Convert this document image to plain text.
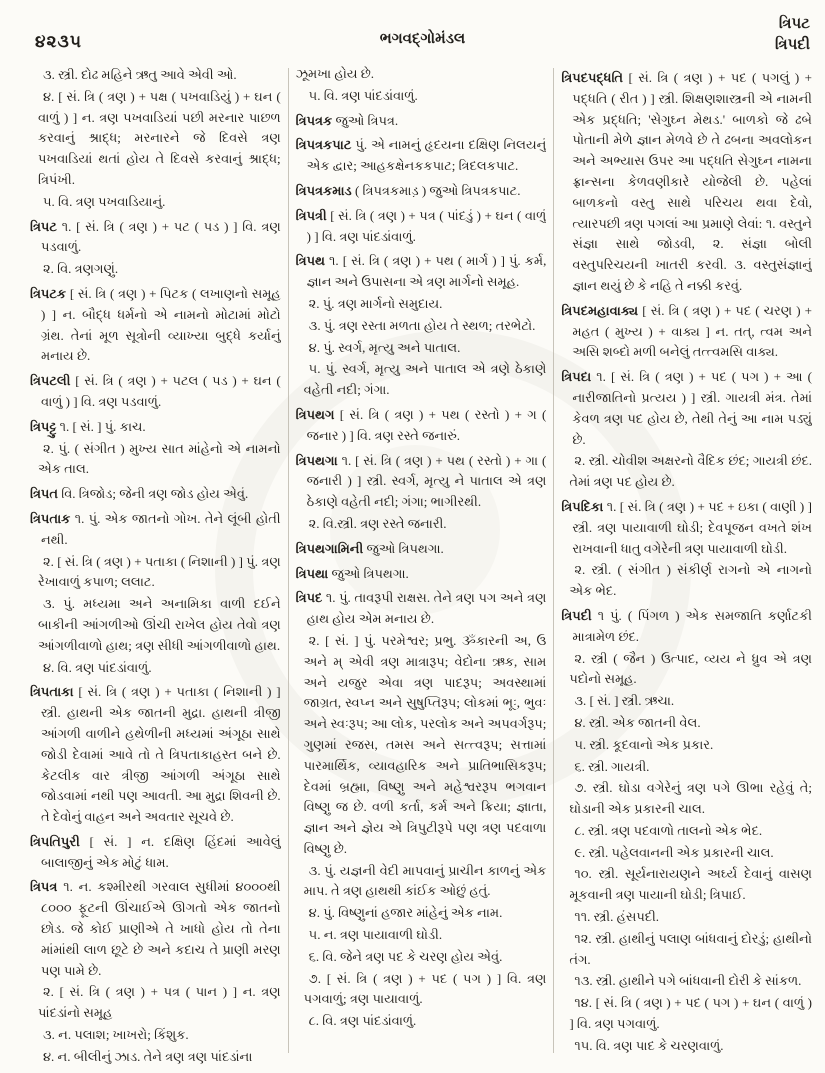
૪૨૩૫	ભગવદ્ગોમંડલ
ત્રિપટ
ત્રિપદી

૩. સ્ત્રી. દોઢ મહિને ઋતુ આવે એવી ઓ.

૪. [ સં. ત્રિ ( ત્રણ ) + પક્ષ ( પખવાડિયું ) + ઘન ( વાળું ) ] ન. ત્રણ પખવાડિયાં પછી મરનાર પાછળ કરવાનું શ્રાદ્ધ; મરનારને જે દિવસે ત્રણ પખવાડિયાં થતાં હોય તે દિવસે કરવાનું શ્રાદ્ધ; ત્રિપંખી.

૫. વિ. ત્રણ પખવાડિયાનું.

ત્રિપટ ૧. [ સં. ત્રિ ( ત્રણ ) + પટ ( પડ ) ] વિ. ત્રણ પડવાળું.

૨. વિ. ત્રણગણું.

ત્રિપટક [ સં. ત્રિ ( ત્રણ ) + પિટક ( લખાણનો સમૂહ ) ] ન. બૌદ્ધ ધર્મનો એ નામનો મોટામાં મોટો ગ્રંથ. તેનાં મૂળ સૂત્રોની વ્યાખ્યા બુદ્ધે કર્યાનું મનાય છે.

ત્રિપટલી [ સં. ત્રિ ( ત્રણ ) + પટલ ( પડ ) + ઘન ( વાળું ) ] વિ. ત્રણ પડવાળું.

ત્રિપટ્ટુ ૧. [ સં. ] પું. કાચ.

૨. પું. ( સંગીત ) મુખ્ય સાત માંહેનો એ નામનો એક તાલ.

ત્રિપત વિ. ત્રિજોડ; જેની ત્રણ જોડ હોય એવું.

ત્રિપતાક ૧. પું. એક જાતનો ગોખ. તેને લૂંબી હોતી નથી.

૨. [ સં. ત્રિ ( ત્રણ ) + પતાકા ( નિશાની ) ] પું. ત્રણ રેખાવાળું કપાળ; લલાટ.

૩. પું. મધ્યમા અને અનામિકા વાળી દઈને બાકીની આંગળીઓ ઊંચી રાખેલ હોય તેવો ત્રણ આંગળીવાળો હાથ; ત્રણ સીધી આંગળીવાળો હાથ.

૪. વિ. ત્રણ પાંદડાંવાળું.

ત્રિપતાકા [ સં. ત્રિ ( ત્રણ ) + પતાકા ( નિશાની ) ] સ્ત્રી. હાથની એક જાતની મુદ્રા. હાથની ત્રીજી આંગળી વાળીને હથેળીની મધ્યમાં અંગૂઠા સાથે જોડી દેવામાં આવે તો તે ત્રિપતાકાહસ્ત બને છે. કેટલીક વાર ત્રીજી આંગળી અંગૂઠા સાથે જોડવામાં નથી પણ આવતી. આ મુદ્રા શિવની છે. તે દેવોનું વાહન અને અવતાર સૂચવે છે.

ત્રિપતિપુરી [ સં. ] ન. દક્ષિણ હિંદમાં આવેલું બાલાજીનું એક મોટું ધામ.

ત્રિપત્ર ૧. ન. કશ્મીરથી ગરવાલ સુધીમાં ૪૦૦૦થી ૮૦૦૦ ફૂટની ઊંચાઈએ ઊગતો એક જાતનો છોડ. જે કોઈ પ્રાણીએ તે ખાધો હોય તો તેના માંમાંથી લાળ છૂટે છે અને કદાચ તે પ્રાણી મરણ પણ પામે છે.

૨. [ સં. ત્રિ ( ત્રણ ) + પત્ર ( પાન ) ] ન. ત્રણ પાંદડાંનો સમૂહ

૩. ન. પલાશ; ખાખરો; કિંશુક.

૪. ન. બીલીનું ઝાડ. તેને ત્રણ ત્રણ પાંદડાંના

ઝૂમખા હોય છે.

૫. વિ. ત્રણ પાંદડાંવાળું.

ત્રિપત્રક જુઓ ત્રિપત્ર.

ત્રિપત્રકપાટ પું. એ નામનું હૃદયના દક્ષિણ નિલયનું એક દ્વાર; આહકક્ષેનકકપાટ; ત્રિદલકપાટ.

ત્રિપત્રકમાડ ( ત્રિપત્રકમાડ઼ ) જુઓ ત્રિપત્રકપાટ.

ત્રિપત્રી [ સં. ત્રિ ( ત્રણ ) + પત્ર ( પાંદડું ) + ઘન ( વાળું ) ] વિ. ત્રણ પાંદડાંવાળું.

ત્રિપથ ૧. [ સં. ત્રિ ( ત્રણ ) + પથ ( માર્ગ ) ] પું. કર્મ, જ્ઞાન અને ઉપાસના એ ત્રણ માર્ગનો સમૂહ.

૨. પું. ત્રણ માર્ગનો સમુદાય.

૩. પું. ત્રણ રસ્તા મળતા હોય તે સ્થળ; તરભેટો.

૪. પું. સ્વર્ગ, મૃત્યુ અને પાતાલ.

૫. પું. સ્વર્ગ, મૃત્યુ અને પાતાલ એ ત્રણે ઠેકાણે વહેતી નદી; ગંગા.

ત્રિપથગ [ સં. ત્રિ ( ત્રણ ) + પથ ( રસ્તો ) + ગ ( જનાર ) ] વિ. ત્રણ રસ્તે જનારું.

ત્રિપથગા ૧. [ સં. ત્રિ ( ત્રણ ) + પથ ( રસ્તો ) + ગા ( જનારી ) ] સ્ત્રી. સ્વર્ગ, મૃત્યુ ને પાતાલ એ ત્રણ ઠેકાણે વહેતી નદી; ગંગા; ભાગીરથી.

૨. વિ.સ્ત્રી. ત્રણ રસ્તે જનારી.

ત્રિપથગામિની જુઓ ત્રિપથગા.

ત્રિપથા જુઓ ત્રિપથગા.

ત્રિપદ ૧. પું. તાવરૂપી રાક્ષસ. તેને ત્રણ પગ અને ત્રણ હાથ હોય એમ મનાય છે.

૨. [ સં. ] પું. પરમેશ્વર; પ્રભુ. ૐકારની અ, ઉ અને મ્ એવી ત્રણ માત્રારૂપ; વેદોના ઋક, સામ અને યજુર એવા ત્રણ પાદરૂપ; અવસ્થામાં જાગ્રત, સ્વપ્ન અને સુષુપ્તિરૂપ; લોકમાં ભૂઃ, ભુવઃ અને સ્વઃરૂપ; આ લોક, પરલોક અને અપવર્ગરૂપ; ગુણમાં રજસ, તમસ અને સત્ત્વરૂપ; સત્તામાં પારમાર્થિક, વ્યાવહારિક અને પ્રાતિભાસિકરૂપ; દેવમાં બ્રહ્મા, વિષ્ણુ અને મહેશ્વરરૂપ ભગવાન વિષ્ણુ જ છે. વળી કર્તા, કર્મ અને ક્રિયા; જ્ઞાતા, જ્ઞાન અને જ્ઞેય એ ત્રિપુટીરૂપે પણ ત્રણ પદવાળા વિષ્ણુ છે.

૩. પું. યજ્ઞની વેદી માપવાનું પ્રાચીન કાળનું એક માપ. તે ત્રણ હાથથી કાંઈક ઓછું હતું.

૪. પું. વિષ્ણુનાં હજાર માંહેનું એક નામ.

૫. ન. ત્રણ પાયાવાળી ઘોડી.

૬. વિ. જેને ત્રણ પદ કે ચરણ હોય એવું.

૭. [ સં. ત્રિ ( ત્રણ ) + પદ ( પગ ) ] વિ. ત્રણ પગવાળું; ત્રણ પાયાવાળું.

૮. વિ. ત્રણ પાંદડાંવાળું.

ત્રિપદપદ્ધતિ [ સં. ત્રિ ( ત્રણ ) + પદ ( પગલું ) + પદ્ધતિ ( રીત ) ] સ્ત્રી. શિક્ષણશાસ્ત્રની એ નામની એક પ્રદ્ધતિ; 'સેગુઘ્ન મેથડ.' બાળકો જે ઢબે પોતાની મેળે જ્ઞાન મેળવે છે તે ઢબના અવલોકન અને અભ્યાસ ઉપર આ પદ્ધતિ સેગુઘ્ન નામના ફ્રાન્સના કેળવણીકારે યોજેલી છે. પહેલાં બાળકનો વસ્તુ સાથે પરિચય થવા દેવો, ત્યારપછી ત્રણ પગલાં આ પ્રમાણે લેવાં: ૧. વસ્તુને સંજ્ઞા સાથે જોડવી, ૨. સંજ્ઞા બોલી વસ્તુપરિચયની ખાતરી કરવી. ૩. વસ્તુસંજ્ઞાનું જ્ઞાન થયું છે કે નહિ તે નક્કી કરવું.

ત્રિપદમહાવાક્ય [ સં. ત્રિ ( ત્રણ ) + પદ ( ચરણ ) + મહત ( મુખ્ય ) + વાક્ય ] ન. તત્, ત્વમ અને અસિ શબ્દો મળી બનેલું તત્ત્વમસિ વાક્ય.

ત્રિપદા ૧. [ સં. ત્રિ ( ત્રણ ) + પદ ( પગ ) + આ ( નારીજાતિનો પ્રત્યય ) ] સ્ત્રી. ગાયત્રી મંત્ર. તેમાં કેવળ ત્રણ પદ હોય છે, તેથી તેનું આ નામ પડ્યું છે.

૨. સ્ત્રી. ચોવીશ અક્ષરનો વૈદિક છંદ; ગાયત્રી છંદ. તેમાં ત્રણ પદ હોય છે.

ત્રિપદિકા ૧. [ સં. ત્રિ ( ત્રણ ) + પદ + ઇકા ( વાણી ) ] સ્ત્રી. ત્રણ પાયાવાળી ઘોડી; દેવપૂજન વખતે શંખ રાખવાની ધાતુ વગેરેની ત્રણ પાયાવાળી ઘોડી.

૨. સ્ત્રી. ( સંગીત ) સંકીર્ણ રાગનો એ નાગનો એક ભેદ.

ત્રિપદી ૧ પું. ( પિંગળ ) એક સમજાતિ કર્ણાટકી માત્રામેળ છંદ.

૨. સ્ત્રી ( જૈન ) ઉત્પાદ, વ્યય ને ધ્રુવ એ ત્રણ પદોનો સમૂહ.

૩. [ સં. ] સ્ત્રી. ઋચા.

૪. સ્ત્રી. એક જાતની વેલ.

૫. સ્ત્રી. કૂદવાનો એક પ્રકાર.

૬. સ્ત્રી. ગાયત્રી.

૭. સ્ત્રી. ઘોડા વગેરેનું ત્રણ પગે ઊભા રહેવું તે; ઘોડાની એક પ્રકારની ચાલ.

૮. સ્ત્રી. ત્રણ પદવાળો તાલનો એક ભેદ.

૯. સ્ત્રી. પહેલવાનની એક પ્રકારની ચાલ.

૧૦. સ્ત્રી. સૂર્યનારાયણને અર્ઘ્ય દેવાનું વાસણ મૂકવાની ત્રણ પાયાની ઘોડી; ત્રિપાઈ.

૧૧. સ્ત્રી. હંસપદી.

૧૨. સ્ત્રી. હાથીનું પલાણ બાંધવાનું દોરડું; હાથીનો તંગ.

૧૩. સ્ત્રી. હાથીને પગે બાંધવાની દોરી કે સાંકળ.

૧૪. [ સં. ત્રિ ( ત્રણ ) + પદ ( પગ ) + ઘન ( વાળું ) ] વિ. ત્રણ પગવાળું.

૧૫. વિ. ત્રણ પાદ કે ચરણવાળું.
